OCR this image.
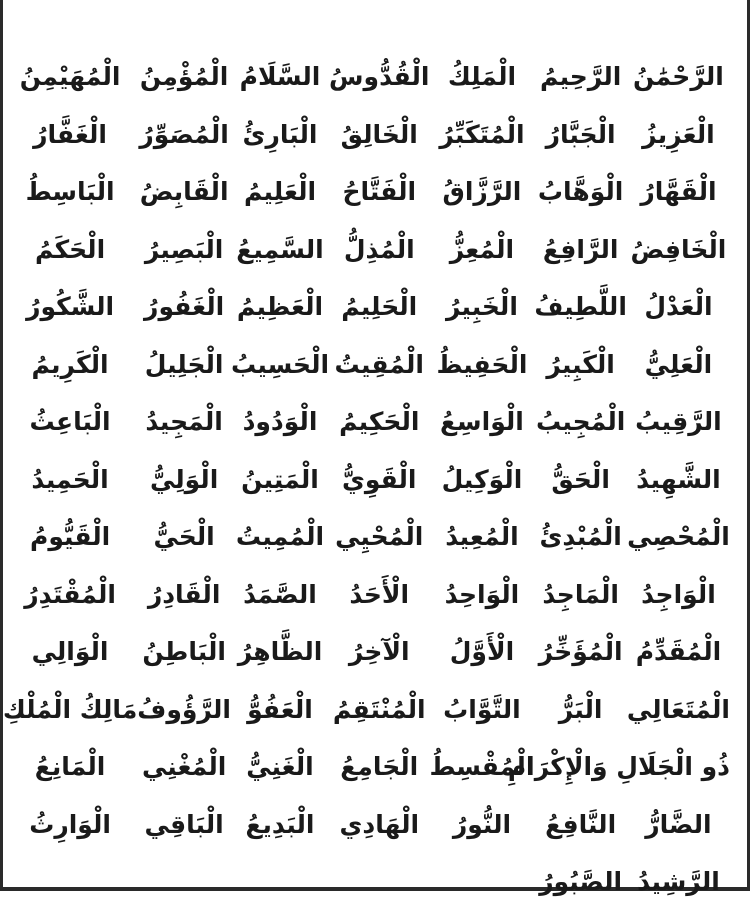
الرَّحْمَٰنُ
الرَّحِيمُ
الْمَلِكُ
الْقُدُّوسُ
السَّلَامُ
الْمُؤْمِنُ
الْمُهَيْمِنُ
الْعَزِيزُ
الْجَبَّارُ
الْمُتَكَبِّرُ
الْخَالِقُ
الْبَارِئُ
الْمُصَوِّرُ
الْغَفَّارُ
الْقَهَّارُ
الْوَهَّابُ
الرَّزَّاقُ
الْفَتَّاحُ
الْعَلِيمُ
الْقَابِضُ
الْبَاسِطُ
الْخَافِضُ
الرَّافِعُ
الْمُعِزُّ
الْمُذِلُّ
السَّمِيعُ
الْبَصِيرُ
الْحَكَمُ
الْعَدْلُ
اللَّطِيفُ
الْخَبِيرُ
الْحَلِيمُ
الْعَظِيمُ
الْغَفُورُ
الشَّكُورُ
الْعَلِيُّ
الْكَبِيرُ
الْحَفِيظُ
الْمُقِيتُ
الْحَسِيبُ
الْجَلِيلُ
الْكَرِيمُ
الرَّقِيبُ
الْمُجِيبُ
الْوَاسِعُ
الْحَكِيمُ
الْوَدُودُ
الْمَجِيدُ
الْبَاعِثُ
الشَّهِيدُ
الْحَقُّ
الْوَكِيلُ
الْقَوِيُّ
الْمَتِينُ
الْوَلِيُّ
الْحَمِيدُ
الْمُحْصِي
الْمُبْدِئُ
الْمُعِيدُ
الْمُحْيِي
الْمُمِيتُ
الْحَيُّ
الْقَيُّومُ
الْوَاجِدُ
الْمَاجِدُ
الْوَاحِدُ
الْأَحَدُ
الصَّمَدُ
الْقَادِرُ
الْمُقْتَدِرُ
الْمُقَدِّمُ
الْمُؤَخِّرُ
الْأَوَّلُ
الْآخِرُ
الظَّاهِرُ
الْبَاطِنُ
الْوَالِي
الْمُتَعَالِي
الْبَرُّ
التَّوَّابُ
الْمُنْتَقِمُ
الْعَفُوُّ
الرَّؤُوفُ
مَالِكُ الْمُلْكِ
ذُو الْجَلَالِ وَالْإِكْرَامِ
الْمُقْسِطُ
الْجَامِعُ
الْغَنِيُّ
الْمُغْنِي
الْمَانِعُ
الضَّارُّ
النَّافِعُ
النُّورُ
الْهَادِي
الْبَدِيعُ
الْبَاقِي
الْوَارِثُ
الرَّشِيدُ
الصَّبُورُ
